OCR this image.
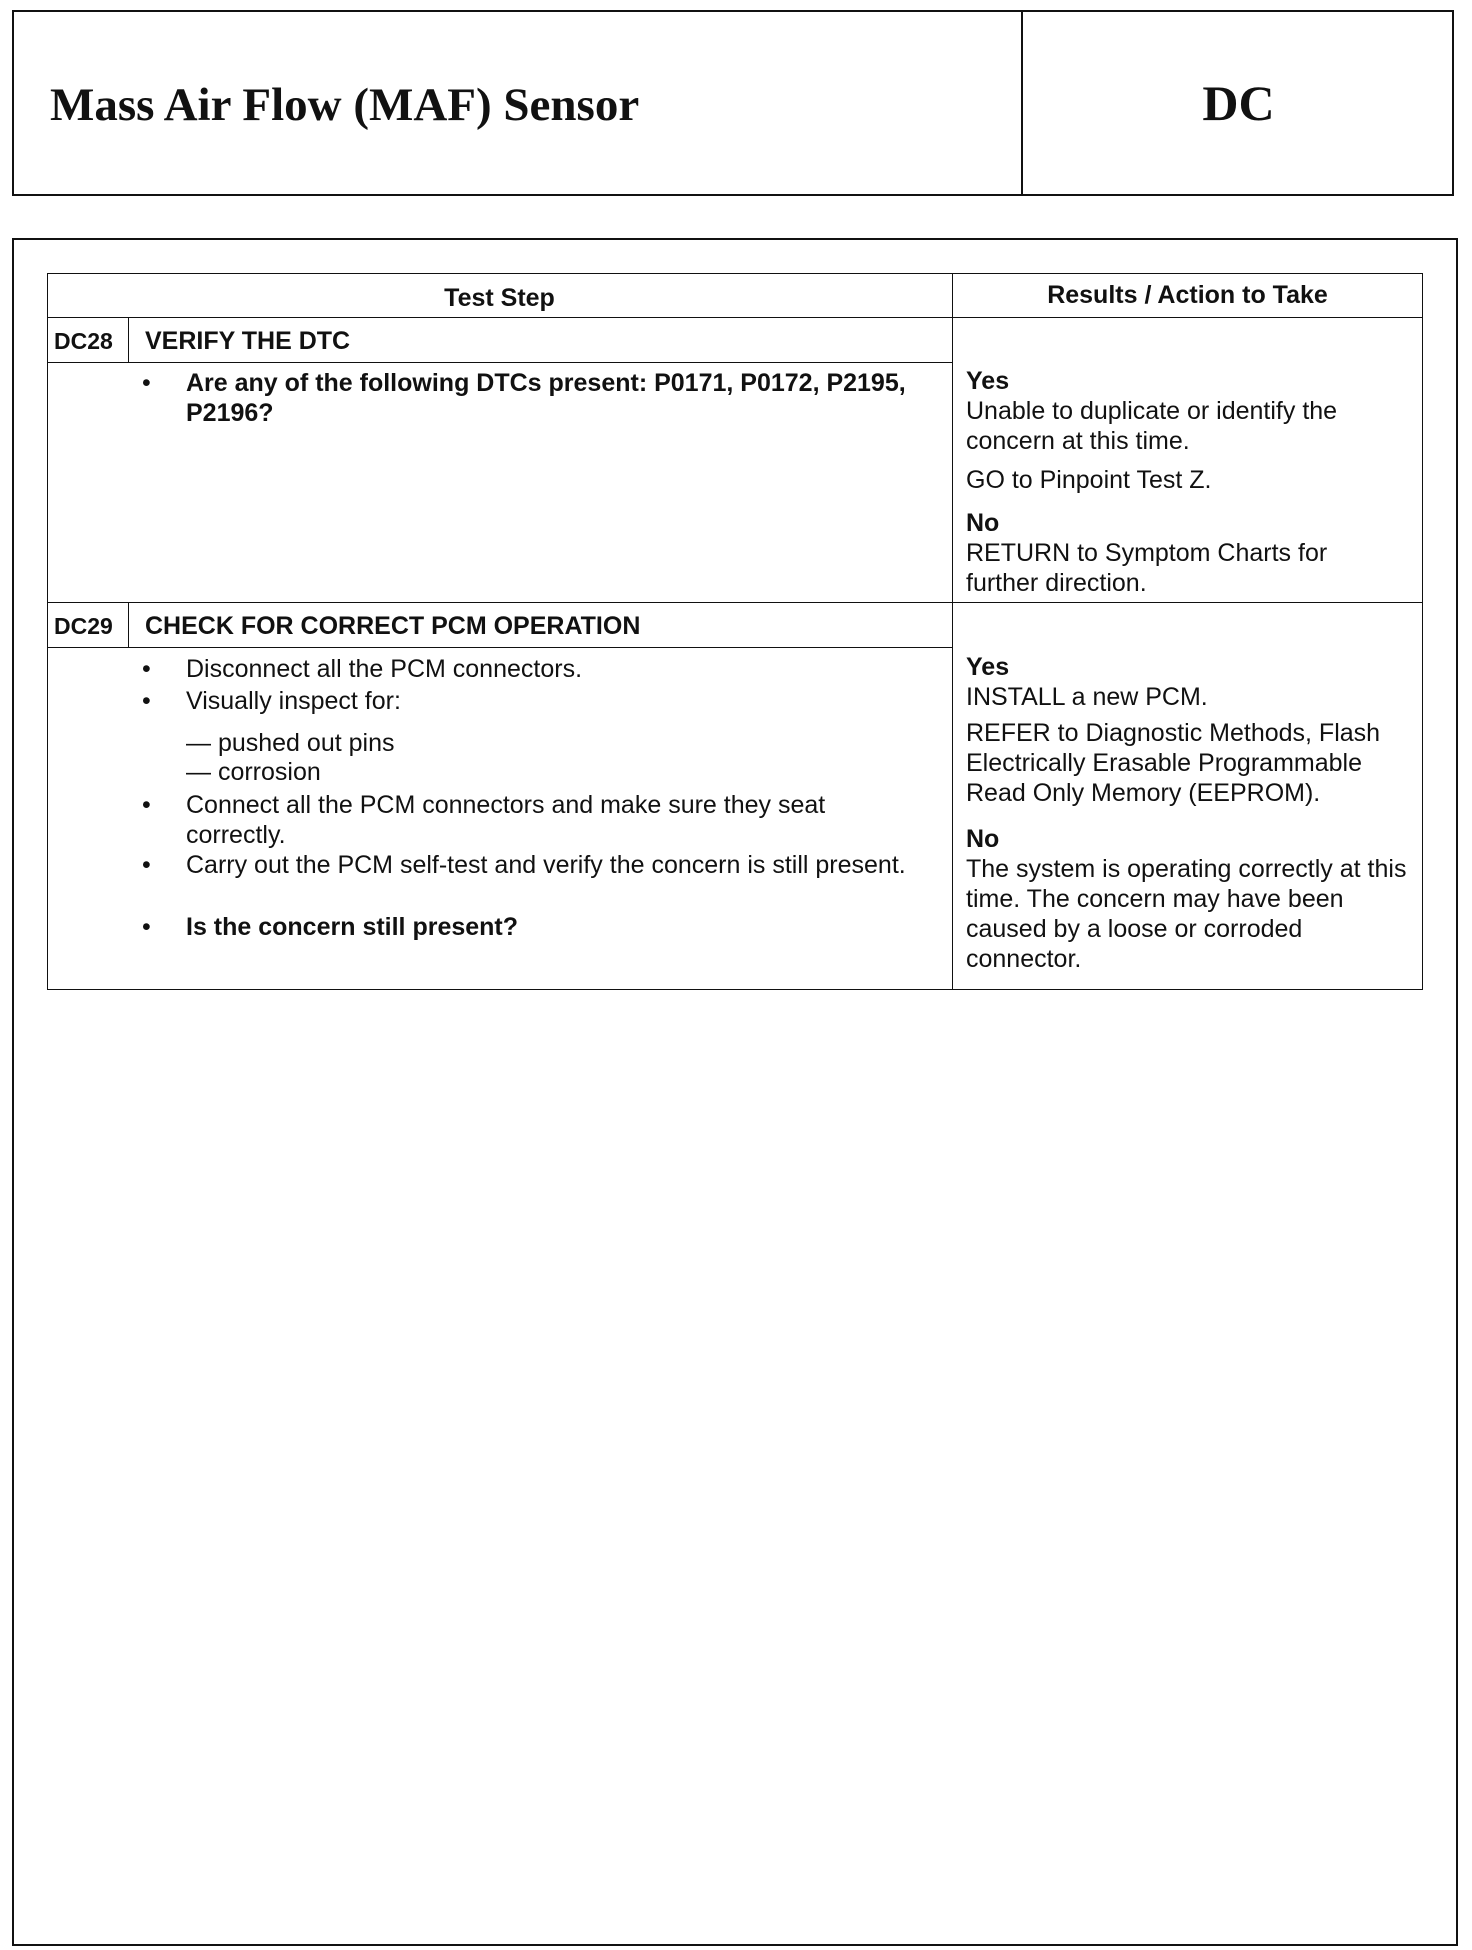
DC
Mass Air Flow (MAF) Sensor
Test Step	Results / Action to Take
DC28 VERIFY THE DTC
• Are any of the following DTCs present: P0171, P0172, P2195, P2196?
Yes
Unable to duplicate or identify the concern at this time.
GO to Pinpoint Test Z.
No
RETURN to Symptom Charts for further direction.
DC29 CHECK FOR CORRECT PCM OPERATION
• Disconnect all the PCM connectors.
• Visually inspect for:
— pushed out pins
— corrosion
• Connect all the PCM connectors and make sure they seat correctly.
• Carry out the PCM self-test and verify the concern is still present.
• Is the concern still present?
Yes
INSTALL a new PCM.
REFER to Diagnostic Methods, Flash Electrically Erasable Programmable Read Only Memory (EEPROM).
No
The system is operating correctly at this time. The concern may have been caused by a loose or corroded connector.
